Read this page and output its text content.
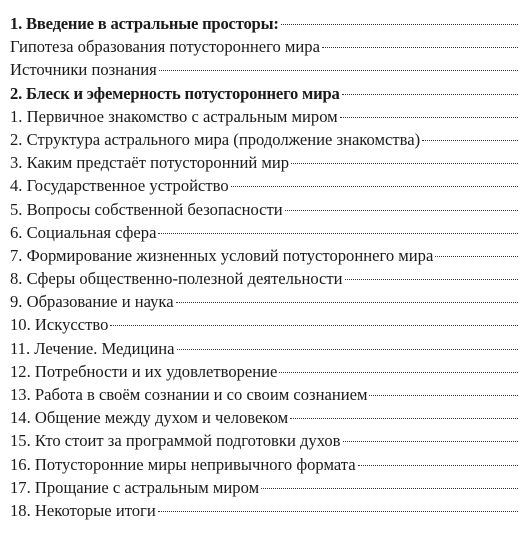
1. Введение в астральные просторы:
Гипотеза образования потустороннего мира
Источники познания
2. Блеск и эфемерность потустороннего мира
1. Первичное знакомство с астральным миром
2. Структура астрального мира (продолжение знакомства)
3. Каким предстаёт потусторонний мир
4. Государственное устройство
5. Вопросы собственной безопасности
6. Социальная сфера
7. Формирование жизненных условий потустороннего мира
8. Сферы общественно-полезной деятельности
9. Образование и наука
10. Искусство
11. Лечение. Медицина
12. Потребности и их удовлетворение
13. Работа в своём сознании и со своим сознанием
14. Общение между духом и человеком
15. Кто стоит за программой подготовки духов
16. Потусторонние миры непривычного формата
17. Прощание с астральным миром
18. Некоторые итоги
